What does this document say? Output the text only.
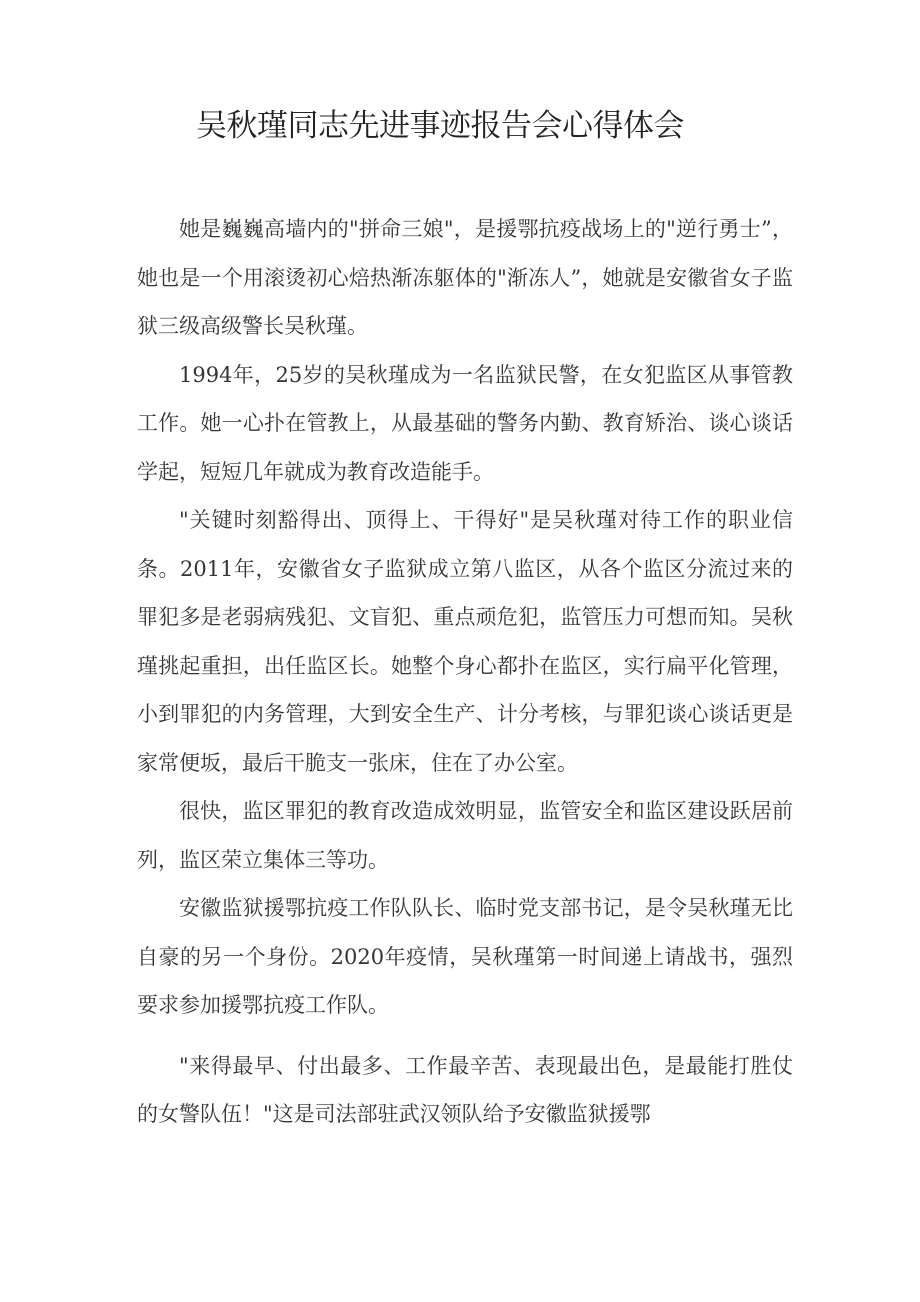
吴秋瑾同志先进事迹报告会心得体会

她是巍巍高墙内的"拼命三娘"，是援鄂抗疫战场上的"逆行勇士”，她也是一个用滚烫初心焙热渐冻躯体的"渐冻人”，她就是安徽省女子监狱三级高级警长吴秋瑾。

1994年，25岁的吴秋瑾成为一名监狱民警，在女犯监区从事管教工作。她一心扑在管教上，从最基础的警务内勤、教育矫治、谈心谈话学起，短短几年就成为教育改造能手。

"关键时刻豁得出、顶得上、干得好"是吴秋瑾对待工作的职业信条。2011年，安徽省女子监狱成立第八监区，从各个监区分流过来的罪犯多是老弱病残犯、文盲犯、重点顽危犯，监管压力可想而知。吴秋瑾挑起重担，出任监区长。她整个身心都扑在监区，实行扁平化管理，小到罪犯的内务管理，大到安全生产、计分考核，与罪犯谈心谈话更是家常便坂，最后干脆支一张床，住在了办公室。

很快，监区罪犯的教育改造成效明显，监管安全和监区建设跃居前列，监区荣立集体三等功。

安徽监狱援鄂抗疫工作队队长、临时党支部书记，是令吴秋瑾无比自豪的另一个身份。2020年疫情，吴秋瑾第一时间递上请战书，强烈要求参加援鄂抗疫工作队。

"来得最早、付出最多、工作最辛苦、表现最出色，是最能打胜仗的女警队伍！"这是司法部驻武汉领队给予安徽监狱援鄂
